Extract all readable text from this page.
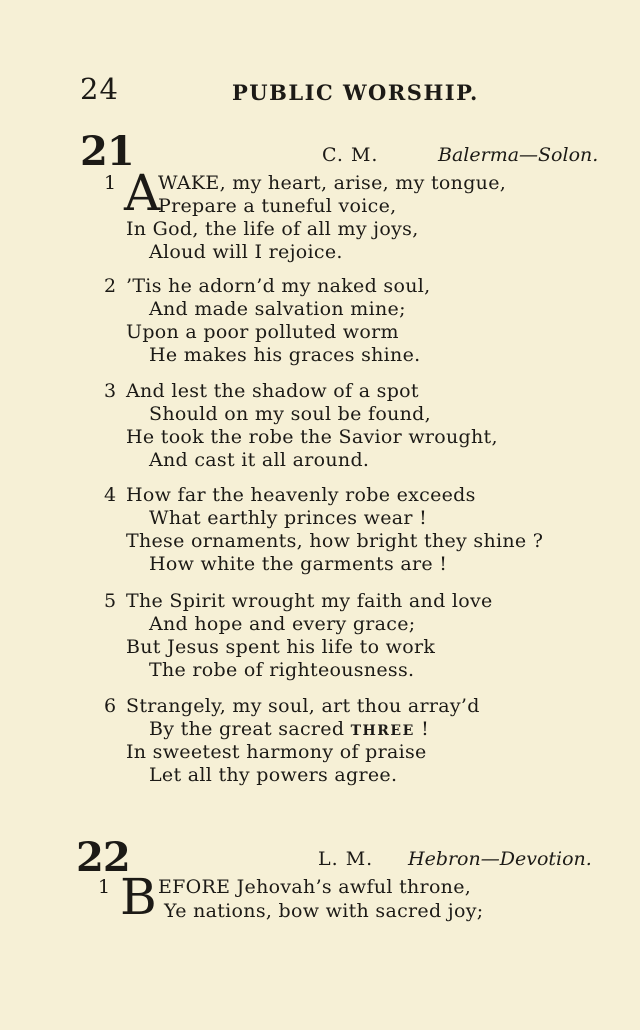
24	PUBLIC WORSHIP.
21	C. M.	Balerma—Solon.
1 A
WAKE, my heart, arise, my tongue,
Prepare a tuneful voice,
In God, the life of all my joys,
Aloud will I rejoice.
2 ’Tis he adorn’d my naked soul,
And made salvation mine;
Upon a poor polluted worm
He makes his graces shine.
3 And lest the shadow of a spot
Should on my soul be found,
He took the robe the Savior wrought,
And cast it all around.
4 How far the heavenly robe exceeds
What earthly princes wear !
These ornaments, how bright they shine ?
How white the garments are !
5 The Spirit wrought my faith and love
And hope and every grace;
But Jesus spent his life to work
The robe of righteousness.
6 Strangely, my soul, art thou array’d
By the great sacred THREE !
In sweetest harmony of praise
Let all thy powers agree.
22	L. M. Hebron—Devotion.
1 B EFORE Jehovah’s awful throne,
Ye nations, bow with sacred joy;
